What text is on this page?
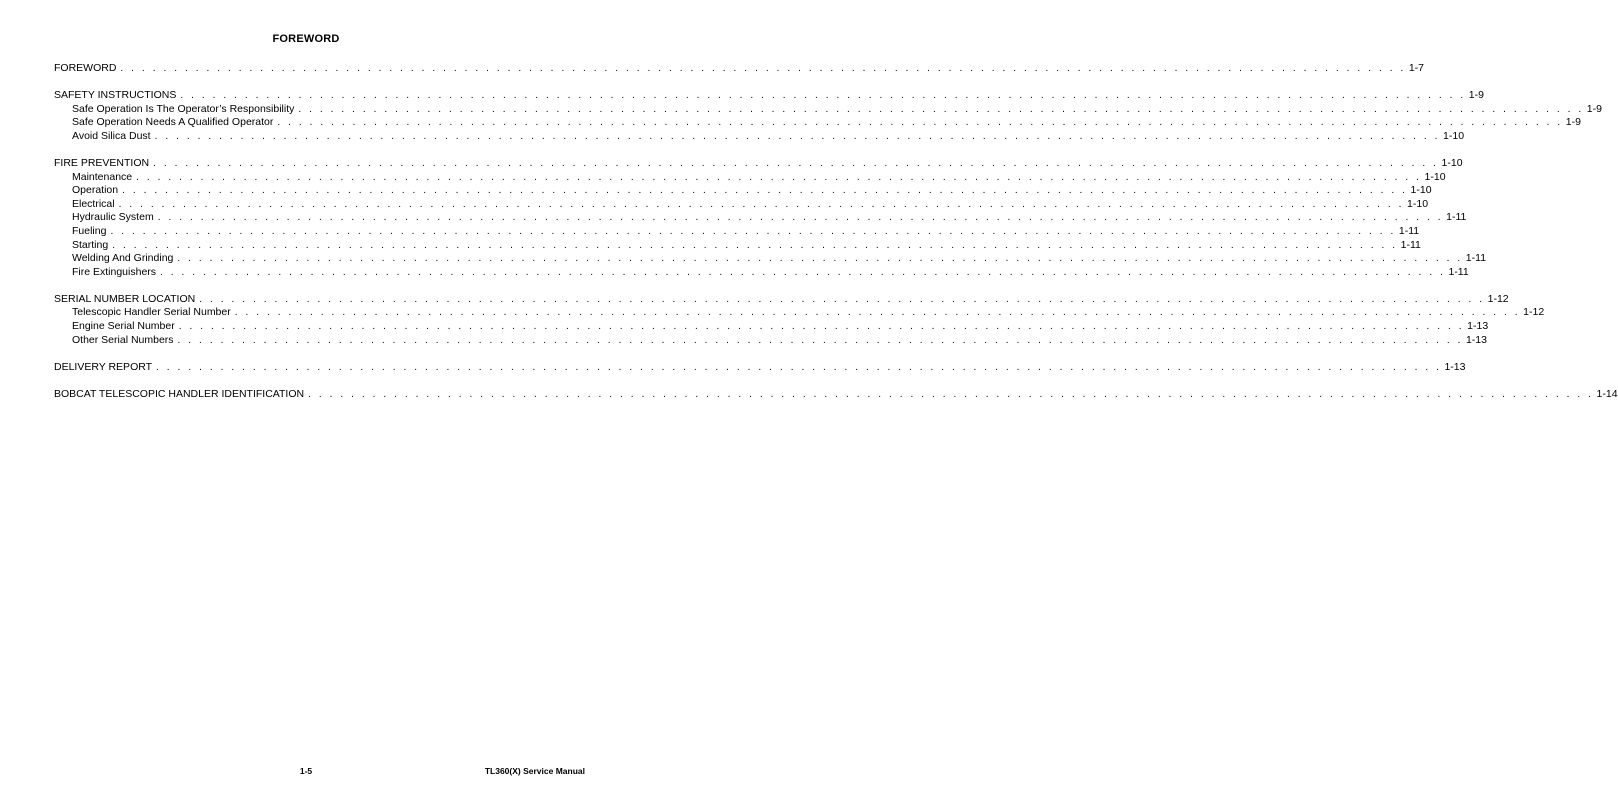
FOREWORD
FOREWORD . . . . . . . . . . . . . . . . . . . . . . . . . . . . . . . . . . . . . . . . . . . . . . . . . . . . . . . . . . . . . . . . . . . . . . . . . . . . . . . . . . . . . . . . . . . . . . . . . . . . . . . . . . . . . . . . . . . . . . . . 1-7
SAFETY INSTRUCTIONS . . . . . . . . . . . . . . . . . . . . . . . . . . . . . . . . . . . . . . . . . . . . . . . . . . . . . . . . . . . . . . . . . . . . . . . . . . . . . . . . . . . . . . . . . . . . . . . . . . . . . . . . . . . . . . . . . . . . . . . . 1-9
Safe Operation Is The Operator’s Responsibility . . . . . . . . . . . . . . . . . . . . . . . . . . . . . . . . . . . . . . . . . . . . . . . . . . . . . . . . . . . . . . . . . . . . . . . . . . . . . . . . . . . . . . . . . . . . . . . . . . . . . . . . . . . . . . . . . . . . . . . . 1-9
Safe Operation Needs A Qualified Operator . . . . . . . . . . . . . . . . . . . . . . . . . . . . . . . . . . . . . . . . . . . . . . . . . . . . . . . . . . . . . . . . . . . . . . . . . . . . . . . . . . . . . . . . . . . . . . . . . . . . . . . . . . . . . . . . . . . . . . . . 1-9
Avoid Silica Dust . . . . . . . . . . . . . . . . . . . . . . . . . . . . . . . . . . . . . . . . . . . . . . . . . . . . . . . . . . . . . . . . . . . . . . . . . . . . . . . . . . . . . . . . . . . . . . . . . . . . . . . . . . . . . . . . . . . . . . . . 1-10
FIRE PREVENTION . . . . . . . . . . . . . . . . . . . . . . . . . . . . . . . . . . . . . . . . . . . . . . . . . . . . . . . . . . . . . . . . . . . . . . . . . . . . . . . . . . . . . . . . . . . . . . . . . . . . . . . . . . . . . . . . . . . . . . . . 1-10
Maintenance . . . . . . . . . . . . . . . . . . . . . . . . . . . . . . . . . . . . . . . . . . . . . . . . . . . . . . . . . . . . . . . . . . . . . . . . . . . . . . . . . . . . . . . . . . . . . . . . . . . . . . . . . . . . . . . . . . . . . . . . 1-10
Operation . . . . . . . . . . . . . . . . . . . . . . . . . . . . . . . . . . . . . . . . . . . . . . . . . . . . . . . . . . . . . . . . . . . . . . . . . . . . . . . . . . . . . . . . . . . . . . . . . . . . . . . . . . . . . . . . . . . . . . . . 1-10
Electrical . . . . . . . . . . . . . . . . . . . . . . . . . . . . . . . . . . . . . . . . . . . . . . . . . . . . . . . . . . . . . . . . . . . . . . . . . . . . . . . . . . . . . . . . . . . . . . . . . . . . . . . . . . . . . . . . . . . . . . . . 1-10
Hydraulic System . . . . . . . . . . . . . . . . . . . . . . . . . . . . . . . . . . . . . . . . . . . . . . . . . . . . . . . . . . . . . . . . . . . . . . . . . . . . . . . . . . . . . . . . . . . . . . . . . . . . . . . . . . . . . . . . . . . . . . . . 1-11
Fueling . . . . . . . . . . . . . . . . . . . . . . . . . . . . . . . . . . . . . . . . . . . . . . . . . . . . . . . . . . . . . . . . . . . . . . . . . . . . . . . . . . . . . . . . . . . . . . . . . . . . . . . . . . . . . . . . . . . . . . . . 1-11
Starting . . . . . . . . . . . . . . . . . . . . . . . . . . . . . . . . . . . . . . . . . . . . . . . . . . . . . . . . . . . . . . . . . . . . . . . . . . . . . . . . . . . . . . . . . . . . . . . . . . . . . . . . . . . . . . . . . . . . . . . . 1-11
Welding And Grinding . . . . . . . . . . . . . . . . . . . . . . . . . . . . . . . . . . . . . . . . . . . . . . . . . . . . . . . . . . . . . . . . . . . . . . . . . . . . . . . . . . . . . . . . . . . . . . . . . . . . . . . . . . . . . . . . . . . . . . . . 1-11
Fire Extinguishers . . . . . . . . . . . . . . . . . . . . . . . . . . . . . . . . . . . . . . . . . . . . . . . . . . . . . . . . . . . . . . . . . . . . . . . . . . . . . . . . . . . . . . . . . . . . . . . . . . . . . . . . . . . . . . . . . . . . . . . . 1-11
SERIAL NUMBER LOCATION . . . . . . . . . . . . . . . . . . . . . . . . . . . . . . . . . . . . . . . . . . . . . . . . . . . . . . . . . . . . . . . . . . . . . . . . . . . . . . . . . . . . . . . . . . . . . . . . . . . . . . . . . . . . . . . . . . . . . . . . 1-12
Telescopic Handler Serial Number . . . . . . . . . . . . . . . . . . . . . . . . . . . . . . . . . . . . . . . . . . . . . . . . . . . . . . . . . . . . . . . . . . . . . . . . . . . . . . . . . . . . . . . . . . . . . . . . . . . . . . . . . . . . . . . . . . . . . . . . 1-12
Engine Serial Number . . . . . . . . . . . . . . . . . . . . . . . . . . . . . . . . . . . . . . . . . . . . . . . . . . . . . . . . . . . . . . . . . . . . . . . . . . . . . . . . . . . . . . . . . . . . . . . . . . . . . . . . . . . . . . . . . . . . . . . . 1-13
Other Serial Numbers . . . . . . . . . . . . . . . . . . . . . . . . . . . . . . . . . . . . . . . . . . . . . . . . . . . . . . . . . . . . . . . . . . . . . . . . . . . . . . . . . . . . . . . . . . . . . . . . . . . . . . . . . . . . . . . . . . . . . . . . 1-13
DELIVERY REPORT . . . . . . . . . . . . . . . . . . . . . . . . . . . . . . . . . . . . . . . . . . . . . . . . . . . . . . . . . . . . . . . . . . . . . . . . . . . . . . . . . . . . . . . . . . . . . . . . . . . . . . . . . . . . . . . . . . . . . . . . 1-13
BOBCAT TELESCOPIC HANDLER IDENTIFICATION . . . . . . . . . . . . . . . . . . . . . . . . . . . . . . . . . . . . . . . . . . . . . . . . . . . . . . . . . . . . . . . . . . . . . . . . . . . . . . . . . . . . . . . . . . . . . . . . . . . . . . . . . . . . . . . . . . . . . . . . 1-14
1-5	TL360(X) Service Manual
